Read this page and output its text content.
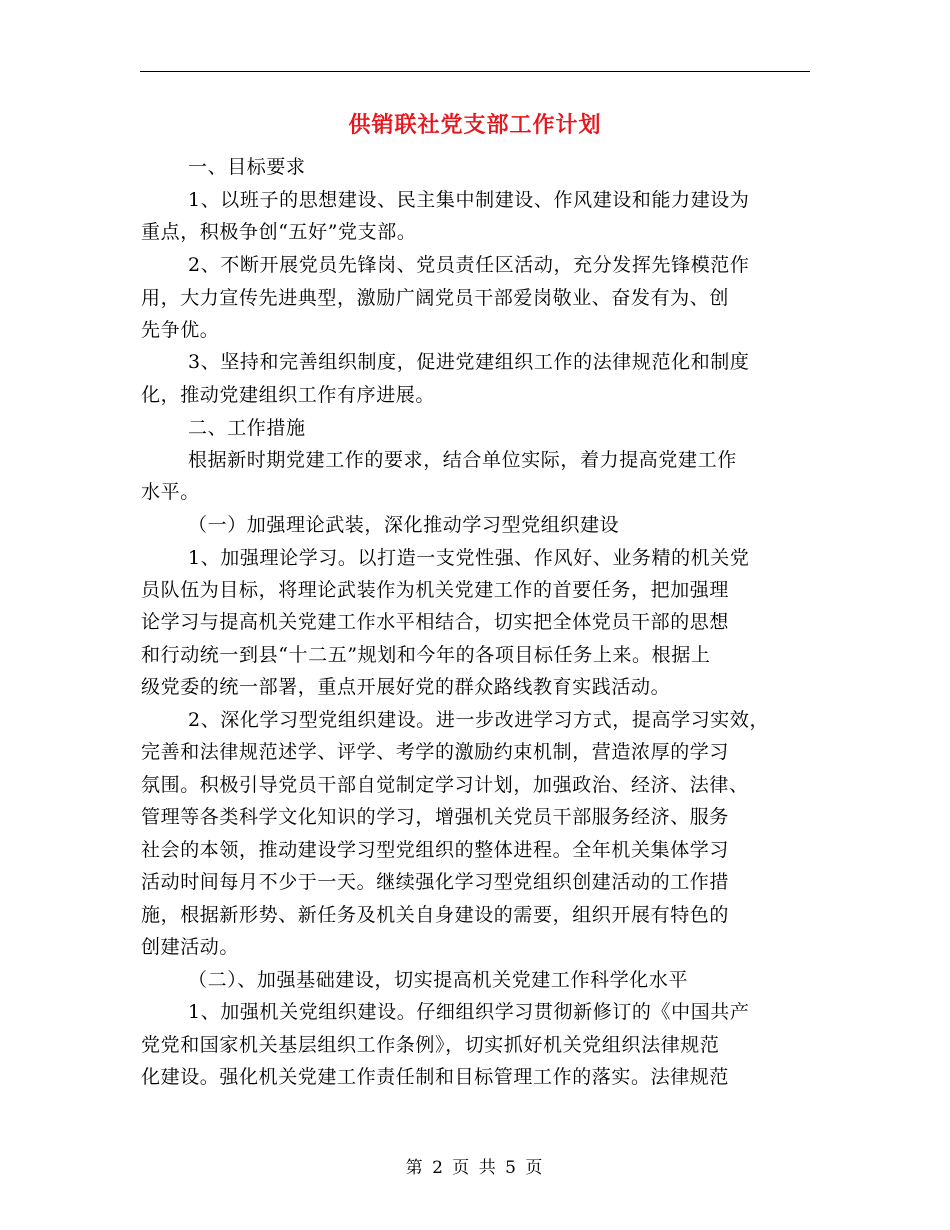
供销联社党支部工作计划
一、目标要求
1、以班子的思想建设、民主集中制建设、作风建设和能力建设为
重点，积极争创“五好”党支部。
2、不断开展党员先锋岗、党员责任区活动，充分发挥先锋模范作
用，大力宣传先进典型，激励广阔党员干部爱岗敬业、奋发有为、创
先争优。
3、坚持和完善组织制度，促进党建组织工作的法律规范化和制度
化，推动党建组织工作有序进展。
二、工作措施
根据新时期党建工作的要求，结合单位实际，着力提高党建工作
水平。
（一）加强理论武装，深化推动学习型党组织建设
1、加强理论学习。以打造一支党性强、作风好、业务精的机关党
员队伍为目标，将理论武装作为机关党建工作的首要任务，把加强理
论学习与提高机关党建工作水平相结合，切实把全体党员干部的思想
和行动统一到县“十二五”规划和今年的各项目标任务上来。根据上
级党委的统一部署，重点开展好党的群众路线教育实践活动。
2、深化学习型党组织建设。进一步改进学习方式，提高学习实效，
完善和法律规范述学、评学、考学的激励约束机制，营造浓厚的学习
氛围。积极引导党员干部自觉制定学习计划，加强政治、经济、法律、
管理等各类科学文化知识的学习，增强机关党员干部服务经济、服务
社会的本领，推动建设学习型党组织的整体进程。全年机关集体学习
活动时间每月不少于一天。继续强化学习型党组织创建活动的工作措
施，根据新形势、新任务及机关自身建设的需要，组织开展有特色的
创建活动。
（二）、加强基础建设，切实提高机关党建工作科学化水平
1、加强机关党组织建设。仔细组织学习贯彻新修订的《中国共产
党党和国家机关基层组织工作条例》，切实抓好机关党组织法律规范
化建设。强化机关党建工作责任制和目标管理工作的落实。法律规范
第 2 页 共 5 页
